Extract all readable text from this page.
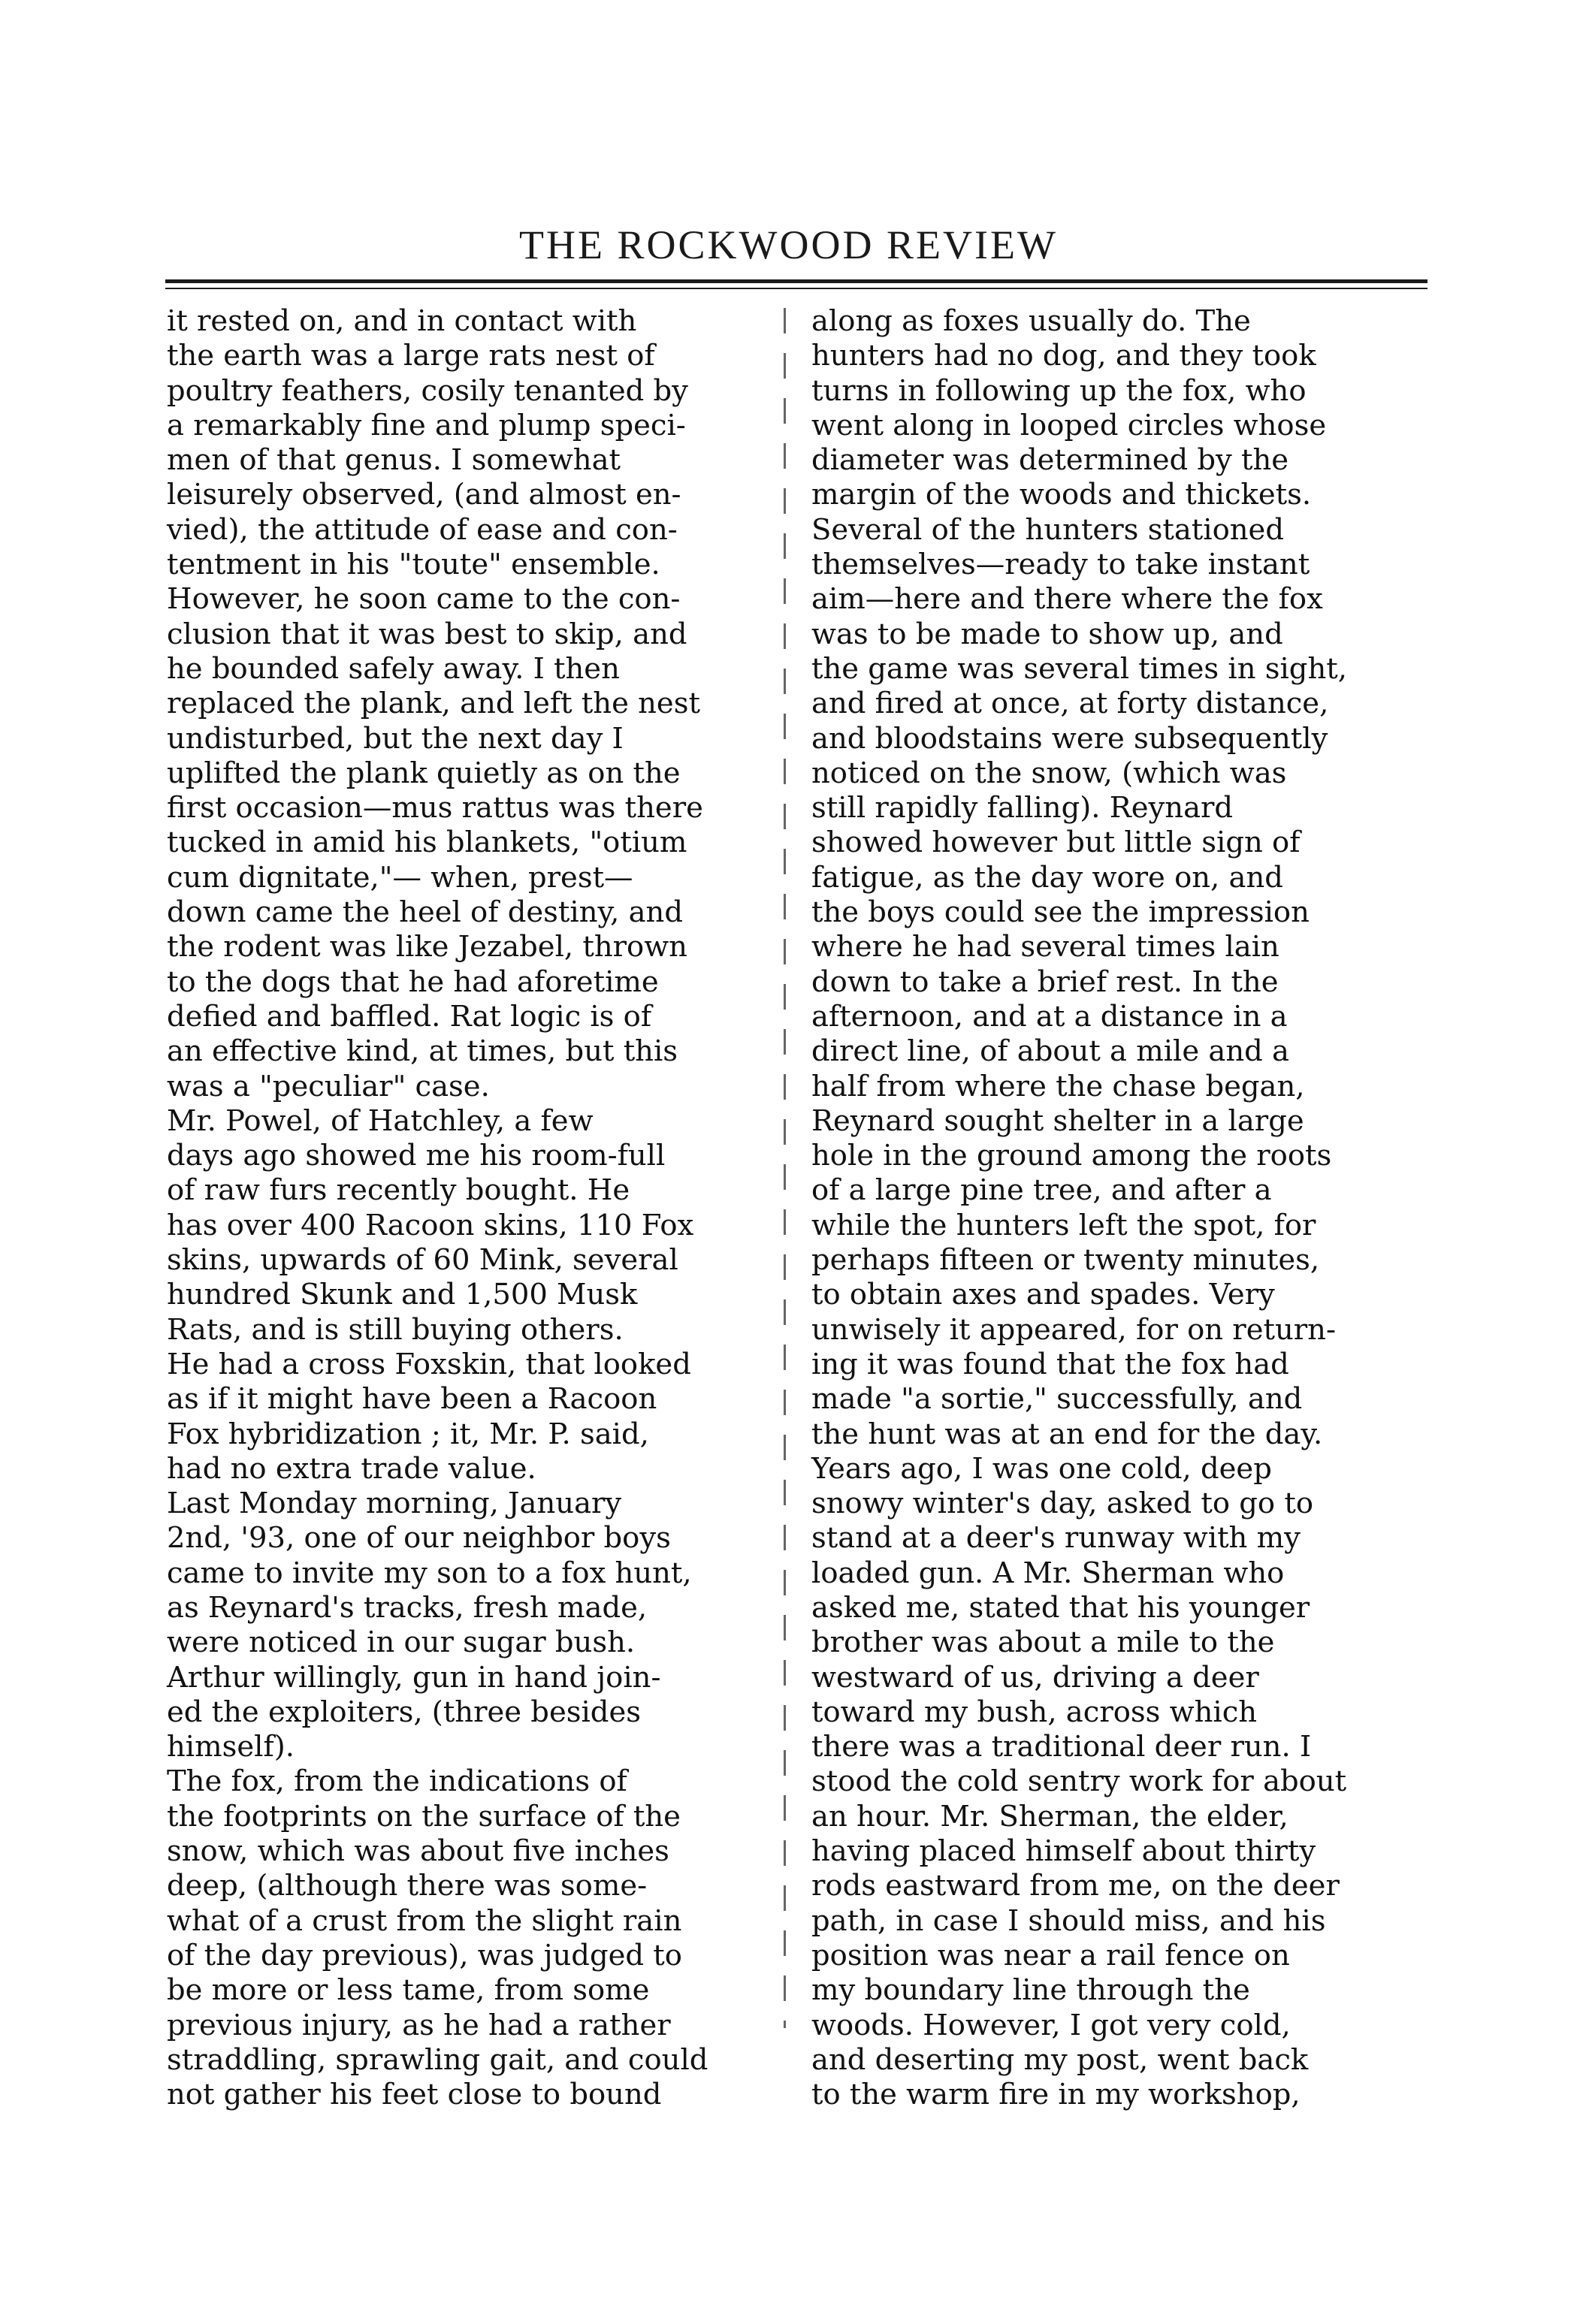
THE ROCKWOOD REVIEW
it rested on, and in contact with
the earth was a large rats nest of
poultry feathers, cosily tenanted by
a remarkably fine and plump speci-
men of that genus. I somewhat
leisurely observed, (and almost en-
vied), the attitude of ease and con-
tentment in his "toute" ensemble.
However, he soon came to the con-
clusion that it was best to skip, and
he bounded safely away. I then
replaced the plank, and left the nest
undisturbed, but the next day I
uplifted the plank quietly as on the
first occasion—mus rattus was there
tucked in amid his blankets, "otium
cum dignitate,"— when, prest—
down came the heel of destiny, and
the rodent was like Jezabel, thrown
to the dogs that he had aforetime
defied and baffled. Rat logic is of
an effective kind, at times, but this
was a "peculiar" case.
Mr. Powel, of Hatchley, a few
days ago showed me his room-full
of raw furs recently bought. He
has over 400 Racoon skins, 110 Fox
skins, upwards of 60 Mink, several
hundred Skunk and 1,500 Musk
Rats, and is still buying others.
He had a cross Foxskin, that looked
as if it might have been a Racoon
Fox hybridization ; it, Mr. P. said,
had no extra trade value.
Last Monday morning, January
2nd, '93, one of our neighbor boys
came to invite my son to a fox hunt,
as Reynard's tracks, fresh made,
were noticed in our sugar bush.
Arthur willingly, gun in hand join-
ed the exploiters, (three besides
himself).
The fox, from the indications of
the footprints on the surface of the
snow, which was about five inches
deep, (although there was some-
what of a crust from the slight rain
of the day previous), was judged to
be more or less tame, from some
previous injury, as he had a rather
straddling, sprawling gait, and could
not gather his feet close to bound
along as foxes usually do. The
hunters had no dog, and they took
turns in following up the fox, who
went along in looped circles whose
diameter was determined by the
margin of the woods and thickets.
Several of the hunters stationed
themselves—ready to take instant
aim—here and there where the fox
was to be made to show up, and
the game was several times in sight,
and fired at once, at forty distance,
and bloodstains were subsequently
noticed on the snow, (which was
still rapidly falling). Reynard
showed however but little sign of
fatigue, as the day wore on, and
the boys could see the impression
where he had several times lain
down to take a brief rest. In the
afternoon, and at a distance in a
direct line, of about a mile and a
half from where the chase began,
Reynard sought shelter in a large
hole in the ground among the roots
of a large pine tree, and after a
while the hunters left the spot, for
perhaps fifteen or twenty minutes,
to obtain axes and spades. Very
unwisely it appeared, for on return-
ing it was found that the fox had
made "a sortie," successfully, and
the hunt was at an end for the day.
Years ago, I was one cold, deep
snowy winter's day, asked to go to
stand at a deer's runway with my
loaded gun. A Mr. Sherman who
asked me, stated that his younger
brother was about a mile to the
westward of us, driving a deer
toward my bush, across which
there was a traditional deer run. I
stood the cold sentry work for about
an hour. Mr. Sherman, the elder,
having placed himself about thirty
rods eastward from me, on the deer
path, in case I should miss, and his
position was near a rail fence on
my boundary line through the
woods. However, I got very cold,
and deserting my post, went back
to the warm fire in my workshop,
